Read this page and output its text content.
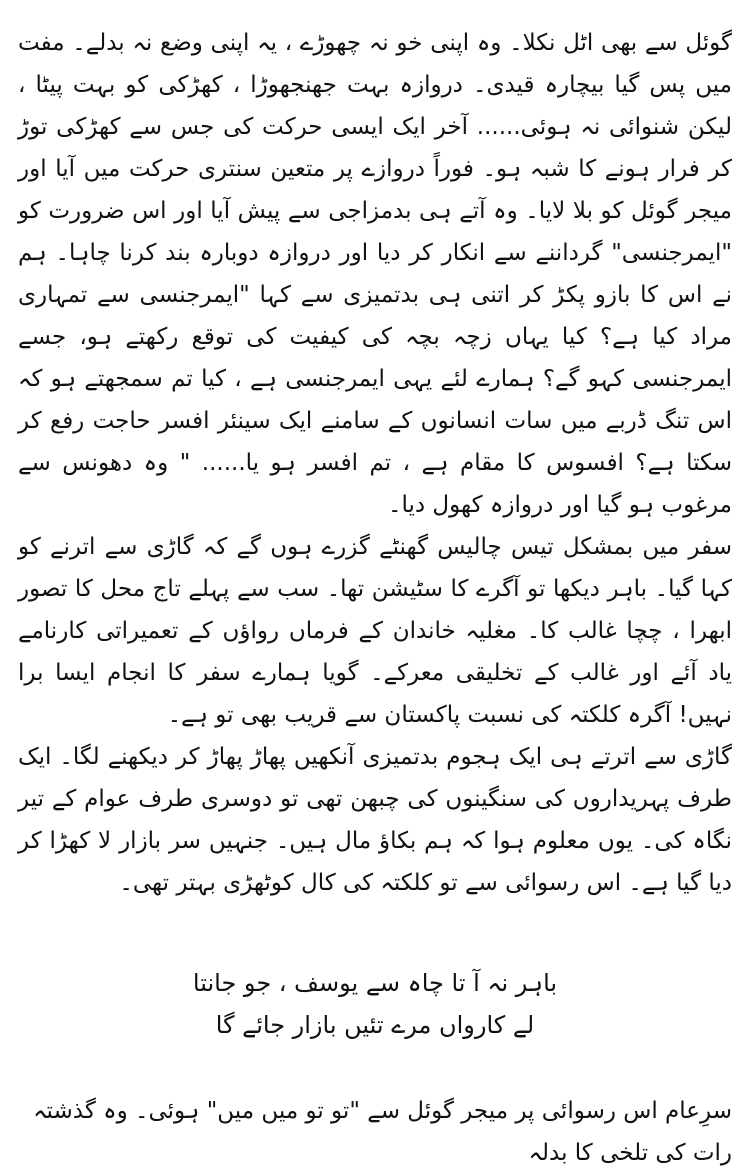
گوئل سے بھی اٹل نکلا۔ وہ اپنی خو نہ چھوڑے ، یہ اپنی وضع نہ بدلے۔ مفت میں پس گیا بیچارہ قیدی۔ دروازہ بہت جھنجھوڑا ، کھڑکی کو بہت پیٹا ، لیکن شنوائی نہ ہوئی...... آخر ایک ایسی حرکت کی جس سے کھڑکی توڑ کر فرار ہونے کا شبہ ہو۔ فوراً دروازے پر متعین سنتری حرکت میں آیا اور میجر گوئل کو بلا لایا۔ وہ آتے ہی بدمزاجی سے پیش آیا اور اس ضرورت کو "ایمرجنسی" گرداننے سے انکار کر دیا اور دروازہ دوبارہ بند کرنا چاہا۔ ہم نے اس کا بازو پکڑ کر اتنی ہی بدتمیزی سے کہا "ایمرجنسی سے تمہاری مراد کیا ہے؟ کیا یہاں زچہ بچہ کی کیفیت کی توقع رکھتے ہو، جسے ایمرجنسی کہو گے؟ ہمارے لئے یہی ایمرجنسی ہے ، کیا تم سمجھتے ہو کہ اس تنگ ڈربے میں سات انسانوں کے سامنے ایک سینئر افسر حاجت رفع کر سکتا ہے؟ افسوس کا مقام ہے ، تم افسر ہو یا...... " وہ دھونس سے مرغوب ہو گیا اور دروازہ کھول دیا۔

سفر میں بمشکل تیس چالیس گھنٹے گزرے ہوں گے کہ گاڑی سے اترنے کو کہا گیا۔ باہر دیکھا تو آگرے کا سٹیشن تھا۔ سب سے پہلے تاج محل کا تصور ابھرا ، چچا غالب کا۔ مغلیہ خاندان کے فرماں رواؤں کے تعمیراتی کارنامے یاد آئے اور غالب کے تخلیقی معرکے۔ گویا ہمارے سفر کا انجام ایسا برا نہیں! آگرہ کلکتہ کی نسبت پاکستان سے قریب بھی تو ہے۔

گاڑی سے اترتے ہی ایک ہجوم بدتمیزی آنکھیں پھاڑ پھاڑ کر دیکھنے لگا۔ ایک طرف پہریداروں کی سنگینوں کی چبھن تھی تو دوسری طرف عوام کے تیر نگاہ کی۔ یوں معلوم ہوا کہ ہم بکاؤ مال ہیں۔ جنہیں سر بازار لا کھڑا کر دیا گیا ہے۔ اس رسوائی سے تو کلکتہ کی کال کوٹھڑی بہتر تھی۔

باہر نہ آ تا چاہ سے یوسف ، جو جانتا
لے کارواں مرے تئیں بازار جائے گا

سرِعام اس رسوائی پر میجر گوئل سے "تو تو میں میں" ہوئی۔ وہ گذشتہ رات کی تلخی کا بدلہ
